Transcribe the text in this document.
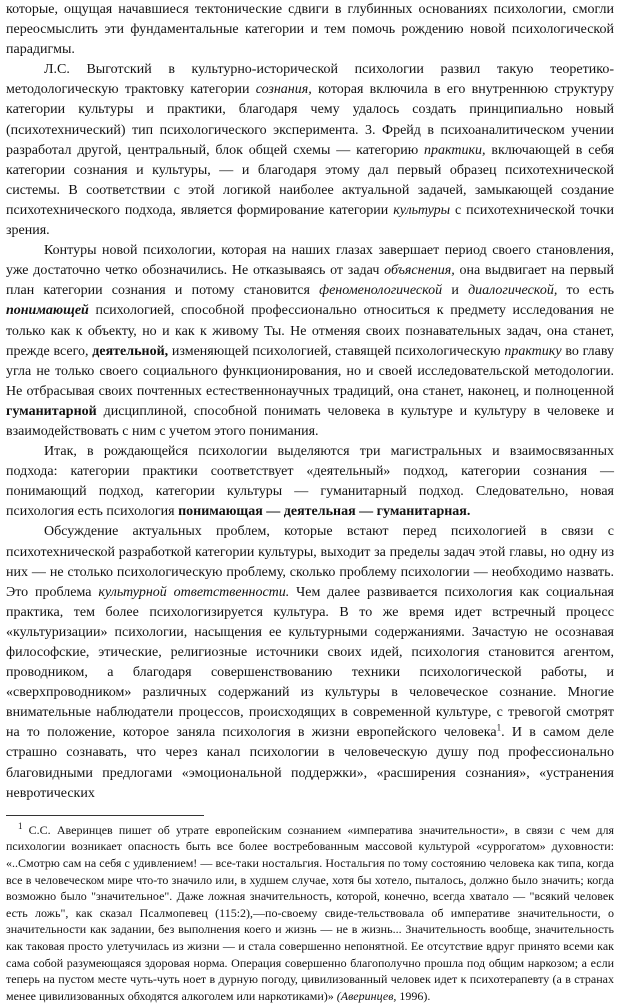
которые, ощущая начавшиеся тектонические сдвиги в глубинных основаниях психологии, смогли переосмыслить эти фундаментальные категории и тем помочь рождению новой психологической парадигмы.

Л.С. Выготский в культурно-исторической психологии развил такую теоретико-методологическую трактовку категории сознания, которая включила в его внутреннюю структуру категории культуры и практики, благодаря чему удалось создать принципиально новый (психотехнический) тип психологического эксперимента. 3. Фрейд в психоаналитическом учении разработал другой, центральный, блок общей схемы — категорию практики, включающей в себя категории сознания и культуры, — и благодаря этому дал первый образец психотехнической системы. В соответствии с этой логикой наиболее актуальной задачей, замыкающей создание психотехнического подхода, является формирование категории культуры с психотехнической точки зрения.

Контуры новой психологии, которая на наших глазах завершает период своего становления, уже достаточно четко обозначились. Не отказываясь от задач объяснения, она выдвигает на первый план категории сознания и потому становится феноменологической и диалогической, то есть понимающей психологией, способной профессионально относиться к предмету исследования не только как к объекту, но и как к живому Ты. Не отменяя своих познавательных задач, она станет, прежде всего, деятельной, изменяющей психологией, ставящей психологическую практику во главу угла не только своего социального функционирования, но и своей исследовательской методологии. Не отбрасывая своих почтенных естественнонаучных традиций, она станет, наконец, и полноценной гуманитарной дисциплиной, способной понимать человека в культуре и культуру в человеке и взаимодействовать с ним с учетом этого понимания.

Итак, в рождающейся психологии выделяются три магистральных и взаимосвязанных подхода: категории практики соответствует «деятельный» подход, категории сознания — понимающий подход, категории культуры — гуманитарный подход. Следовательно, новая психология есть психология понимающая — деятельная — гуманитарная.

Обсуждение актуальных проблем, которые встают перед психологией в связи с психотехнической разработкой категории культуры, выходит за пределы задач этой главы, но одну из них — не столько психологическую проблему, сколько проблему психологии — необходимо назвать. Это проблема культурной ответственности. Чем далее развивается психология как социальная практика, тем более психологизируется культура. В то же время идет встречный процесс «культуризации» психологии, насыщения ее культурными содержаниями. Зачастую не осознавая философские, этические, религиозные источники своих идей, психология становится агентом, проводником, а благодаря совершенствованию техники психологической работы, и «сверхпроводником» различных содержаний из культуры в человеческое сознание. Многие внимательные наблюдатели процессов, происходящих в современной культуре, с тревогой смотрят на то положение, которое заняла психология в жизни европейского человека$^1$. И в самом деле страшно сознавать, что через канал психологии в человеческую душу под профессионально благовидными предлогами «эмоциональной поддержки», «расширения сознания», «устранения невротических

$^1$ С.С. Аверинцев пишет об утрате европейским сознанием «императива значительности», в связи с чем для психологии возникает опасность быть все более востребованным массовой культурой «суррогатом» духовности: «..Смотрю сам на себя с удивлением! — все-таки ностальгия. Ностальгия по тому состоянию человека как типа, когда все в человеческом мире что-то значило или, в худшем случае, хотя бы хотело, пыталось, должно было значить; когда возможно было "значительное". Даже ложная значительность, которой, конечно, всегда хватало — "всякий человек есть ложь", как сказал Псалмопевец (115:2),—по-своему свиде-тельствовала об императиве значительности, о значительности как задании, без выполнения коего и жизнь — не в жизнь... Значительность вообще, значительность как таковая просто улетучилась из жизни — и стала совершенно непонятной. Ее отсутствие вдруг принято всеми как сама собой разумеющаяся здоровая норма. Операция совершенно благополучно прошла под общим наркозом; а если теперь на пустом месте чуть-чуть ноет в дурную погоду, цивилизованный человек идет к психотерапевту (а в странах менее цивилизованных обходятся алкоголем или наркотиками)» (Аверинцев, 1996).
